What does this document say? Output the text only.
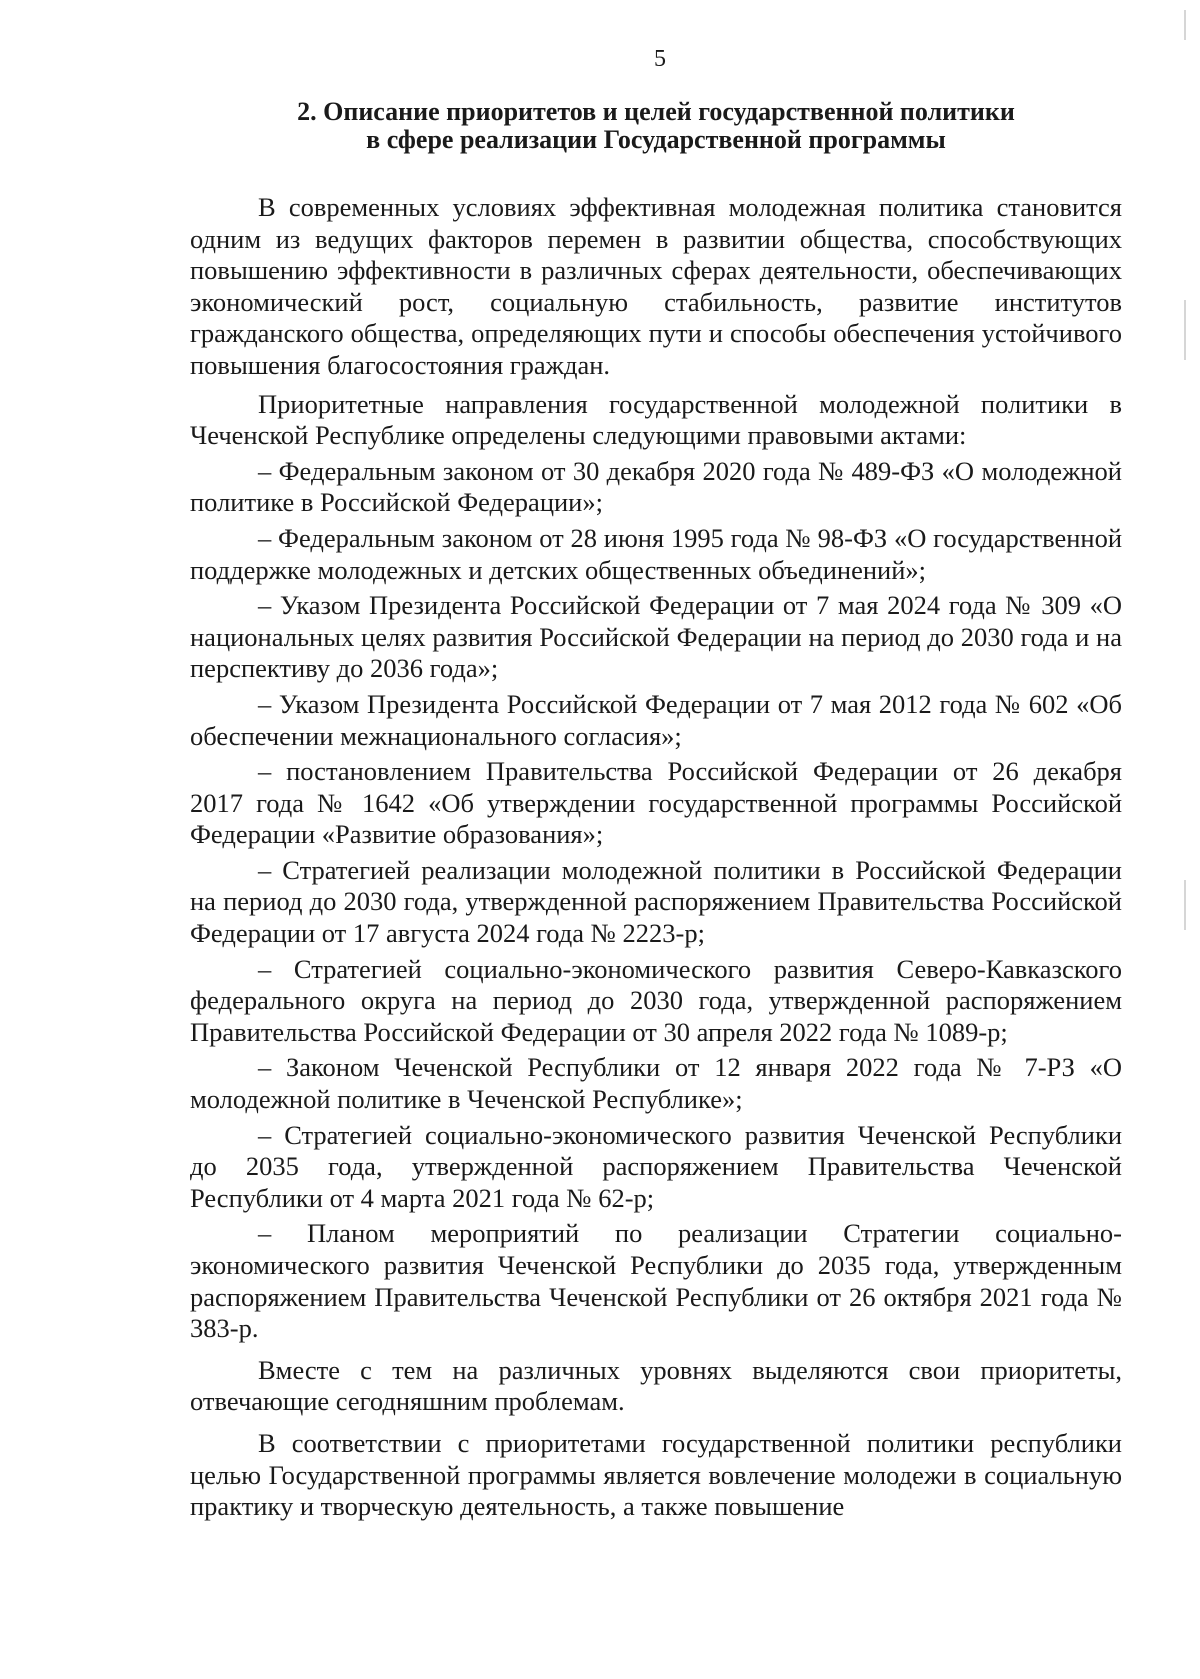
5
2. Описание приоритетов и целей государственной политики
в сфере реализации Государственной программы

В современных условиях эффективная молодежная политика становится одним из ведущих факторов перемен в развитии общества, способствующих повышению эффективности в различных сферах деятельности, обеспечивающих экономический рост, социальную стабильность, развитие институтов гражданского общества, определяющих пути и способы обеспечения устойчивого повышения благосостояния граждан.

Приоритетные направления государственной молодежной политики в Чеченской Республике определены следующими правовыми актами:

– Федеральным законом от 30 декабря 2020 года № 489-ФЗ «О молодежной политике в Российской Федерации»;

– Федеральным законом от 28 июня 1995 года № 98-ФЗ «О государственной поддержке молодежных и детских общественных объединений»;

– Указом Президента Российской Федерации от 7 мая 2024 года № 309 «О национальных целях развития Российской Федерации на период до 2030 года и на перспективу до 2036 года»;

– Указом Президента Российской Федерации от 7 мая 2012 года № 602 «Об обеспечении межнационального согласия»;

– постановлением Правительства Российской Федерации от 26 декабря 2017 года № 1642 «Об утверждении государственной программы Российской Федерации «Развитие образования»;

– Стратегией реализации молодежной политики в Российской Федерации на период до 2030 года, утвержденной распоряжением Правительства Российской Федерации от 17 августа 2024 года № 2223-р;

– Стратегией социально-экономического развития Северо-Кавказского федерального округа на период до 2030 года, утвержденной распоряжением Правительства Российской Федерации от 30 апреля 2022 года № 1089-р;

– Законом Чеченской Республики от 12 января 2022 года № 7-РЗ «О молодежной политике в Чеченской Республике»;

– Стратегией социально-экономического развития Чеченской Республики до 2035 года, утвержденной распоряжением Правительства Чеченской Республики от 4 марта 2021 года № 62-р;

– Планом мероприятий по реализации Стратегии социально-экономического развития Чеченской Республики до 2035 года, утвержденным распоряжением Правительства Чеченской Республики от 26 октября 2021 года № 383-р.

Вместе с тем на различных уровнях выделяются свои приоритеты, отвечающие сегодняшним проблемам.

В соответствии с приоритетами государственной политики республики целью Государственной программы является вовлечение молодежи в социальную практику и творческую деятельность, а также повышение
